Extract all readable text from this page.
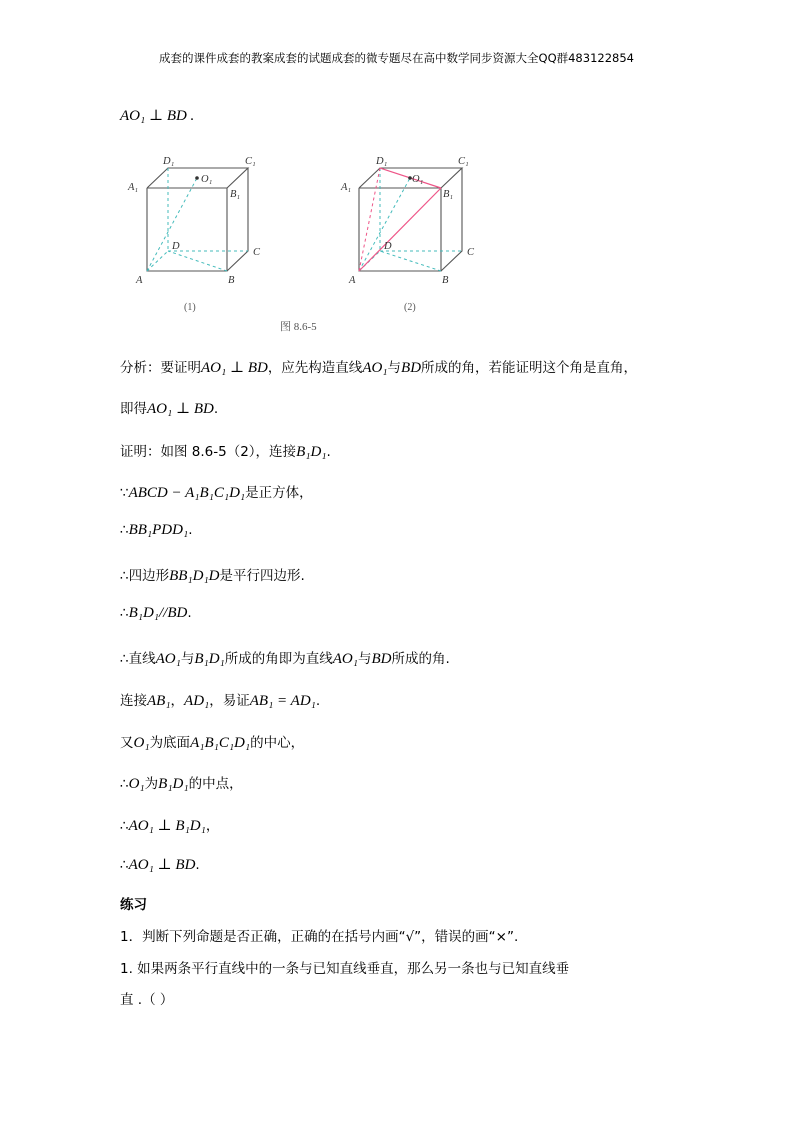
成套的课件成套的教案成套的试题成套的微专题尽在高中数学同步资源大全QQ群483122854
AO₁ ⊥ BD .
D₁	C₁
A₁
O₁
B₁
D
C
A	B
(1)
D₁	C₁
A₁
O₁
B₁
D
C
A	B
(2)
图 8.6-5
分析：要证明AO₁ ⊥ BD，应先构造直线AO₁与BD所成的角，若能证明这个角是直角，
即得AO₁ ⊥ BD.
证明：如图 8.6-5（2），连接B₁D₁.
∵ABCD − A₁B₁C₁D₁是正方体，
∴BB₁PDD₁.
∴四边形BB₁D₁D是平行四边形.
∴B₁D₁//BD.
∴直线AO₁与B₁D₁所成的角即为直线AO₁与BD所成的角.
连接AB₁，AD₁，易证AB₁ = AD₁.
又O₁为底面A₁B₁C₁D₁的中心，
∴O₁为B₁D₁的中点，
∴AO₁ ⊥ B₁D₁，
∴AO₁ ⊥ BD.
练习
1．判断下列命题是否正确，正确的在括号内画“√”，错误的画“×”.
1. 如果两条平行直线中的一条与已知直线垂直，那么另一条也与已知直线垂
直 .（ ）
